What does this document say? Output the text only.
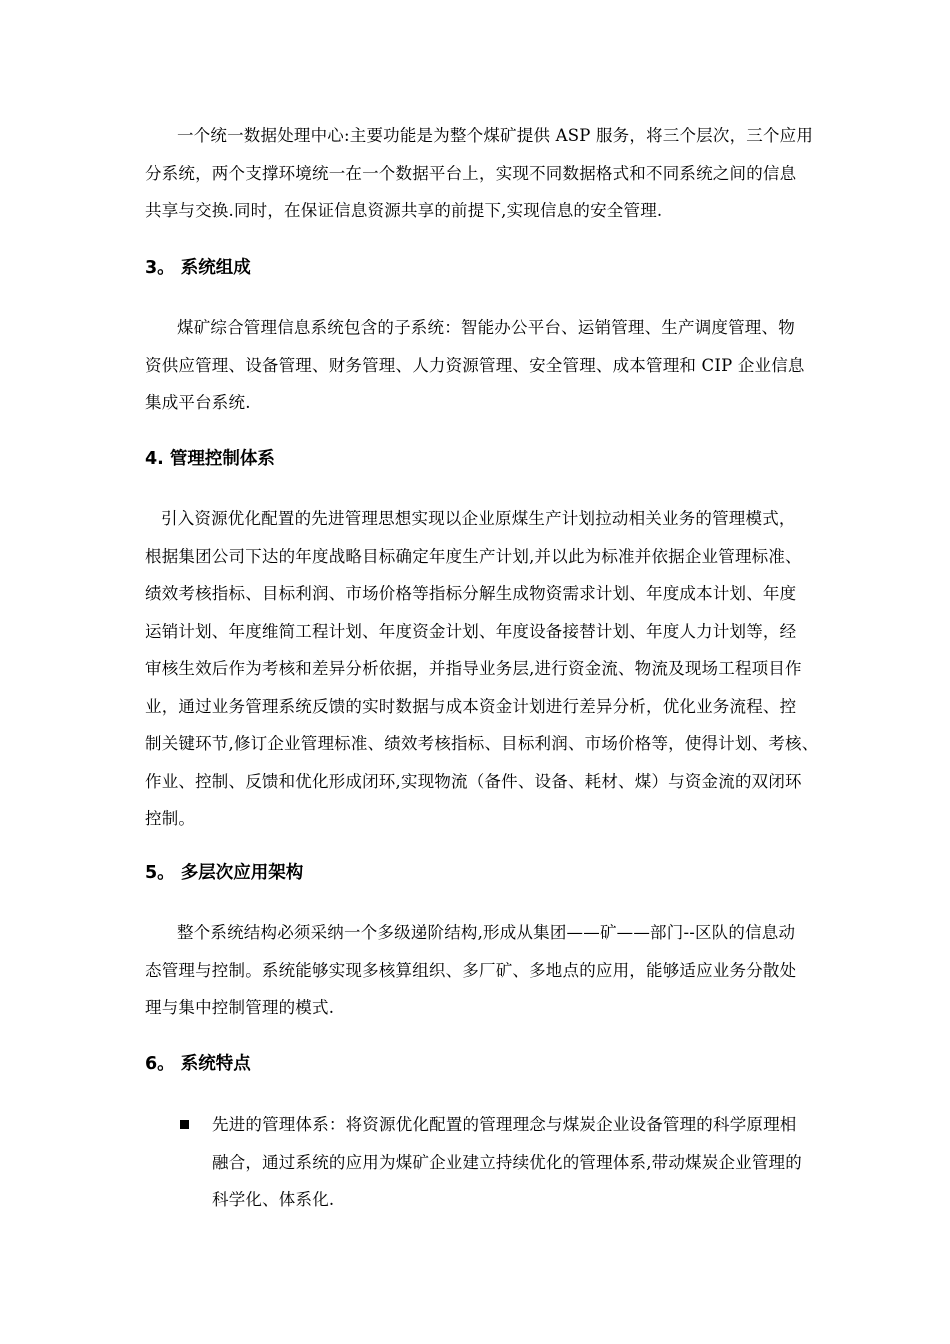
一个统一数据处理中心:主要功能是为整个煤矿提供 ASP 服务，将三个层次，三个应用
分系统，两个支撑环境统一在一个数据平台上，实现不同数据格式和不同系统之间的信息
共享与交换.同时，在保证信息资源共享的前提下,实现信息的安全管理.
3。 系统组成
煤矿综合管理信息系统包含的子系统：智能办公平台、运销管理、生产调度管理、物
资供应管理、设备管理、财务管理、人力资源管理、安全管理、成本管理和 CIP 企业信息
集成平台系统.
4. 管理控制体系
引入资源优化配置的先进管理思想实现以企业原煤生产计划拉动相关业务的管理模式，
根据集团公司下达的年度战略目标确定年度生产计划,并以此为标准并依据企业管理标准、
绩效考核指标、目标利润、市场价格等指标分解生成物资需求计划、年度成本计划、年度
运销计划、年度维简工程计划、年度资金计划、年度设备接替计划、年度人力计划等，经
审核生效后作为考核和差异分析依据，并指导业务层,进行资金流、物流及现场工程项目作
业，通过业务管理系统反馈的实时数据与成本资金计划进行差异分析，优化业务流程、控
制关键环节,修订企业管理标准、绩效考核指标、目标利润、市场价格等，使得计划、考核、
作业、控制、反馈和优化形成闭环,实现物流（备件、设备、耗材、煤）与资金流的双闭环
控制。
5。 多层次应用架构
整个系统结构必须采纳一个多级递阶结构,形成从集团——矿——部门--区队的信息动
态管理与控制。系统能够实现多核算组织、多厂矿、多地点的应用，能够适应业务分散处
理与集中控制管理的模式.
6。 系统特点
先进的管理体系：将资源优化配置的管理理念与煤炭企业设备管理的科学原理相
融合，通过系统的应用为煤矿企业建立持续优化的管理体系,带动煤炭企业管理的
科学化、体系化.
